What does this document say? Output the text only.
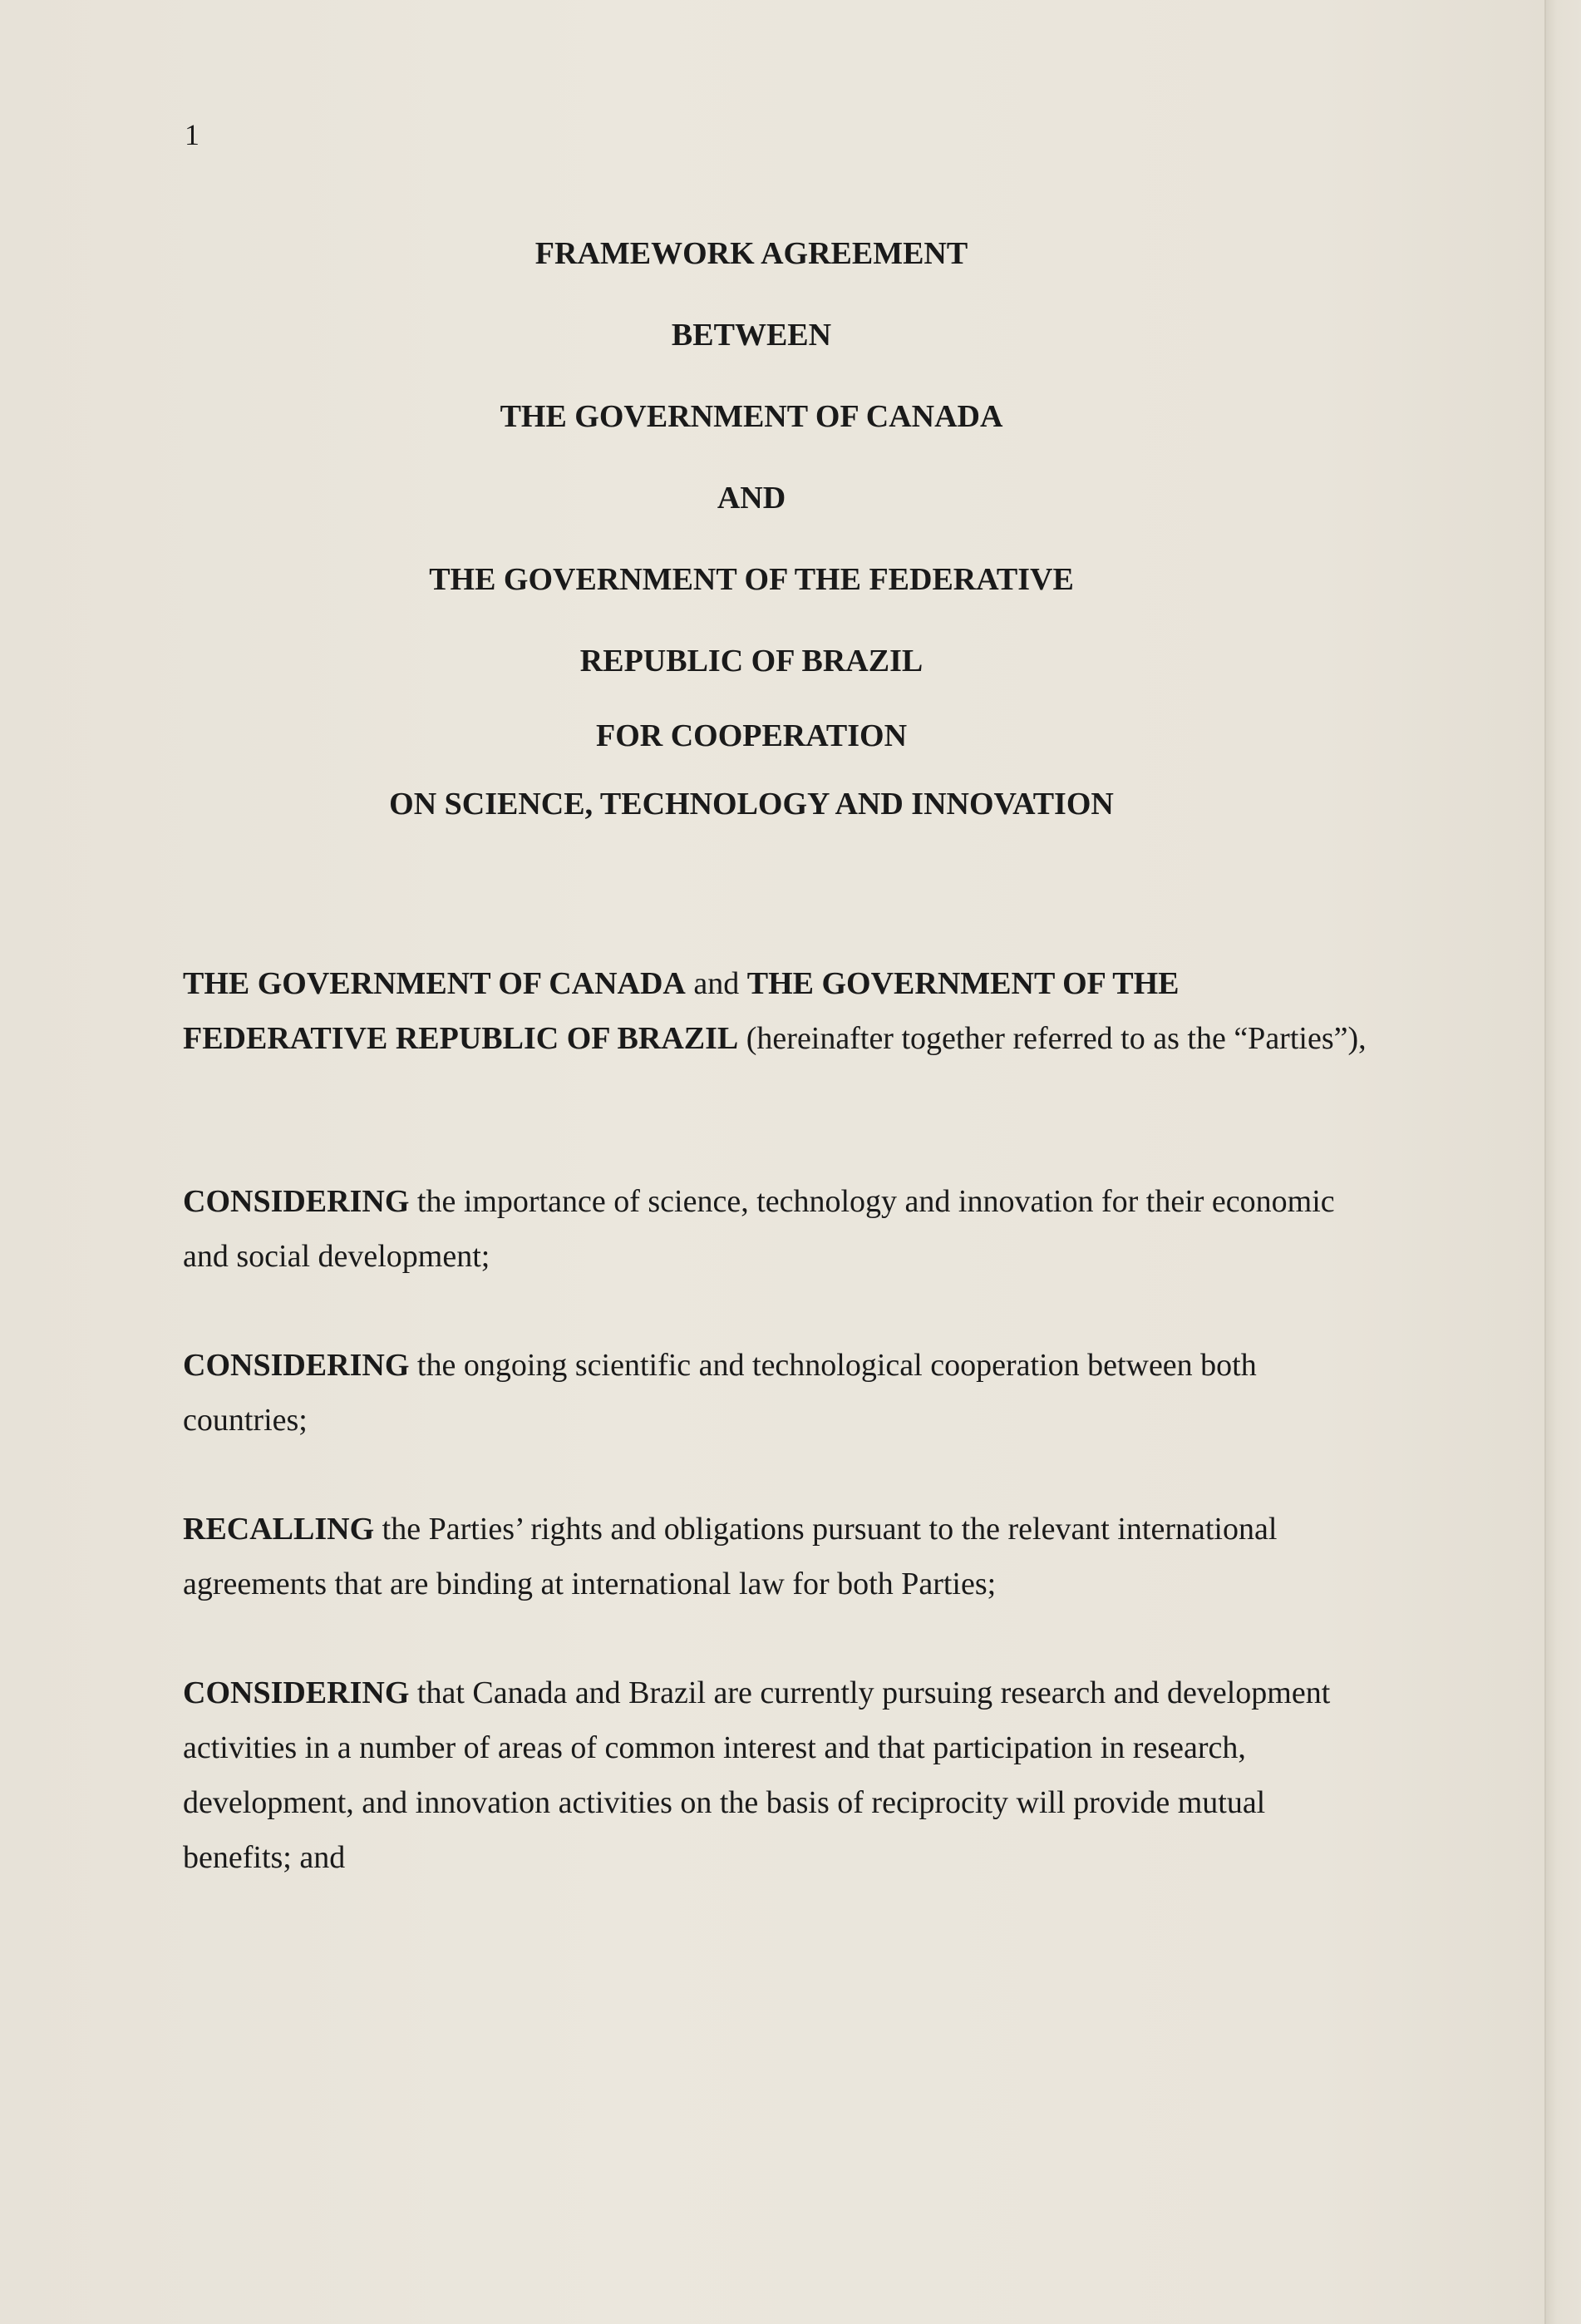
1
FRAMEWORK AGREEMENT
BETWEEN
THE GOVERNMENT OF CANADA
AND
THE GOVERNMENT OF THE FEDERATIVE
REPUBLIC OF BRAZIL
FOR COOPERATION
ON SCIENCE, TECHNOLOGY AND INNOVATION
THE GOVERNMENT OF CANADA and THE GOVERNMENT OF THE FEDERATIVE REPUBLIC OF BRAZIL (hereinafter together referred to as the “Parties”),
CONSIDERING the importance of science, technology and innovation for their economic and social development;
CONSIDERING the ongoing scientific and technological cooperation between both countries;
RECALLING the Parties’ rights and obligations pursuant to the relevant international agreements that are binding at international law for both Parties;
CONSIDERING that Canada and Brazil are currently pursuing research and development activities in a number of areas of common interest and that participation in research, development, and innovation activities on the basis of reciprocity will provide mutual benefits; and
